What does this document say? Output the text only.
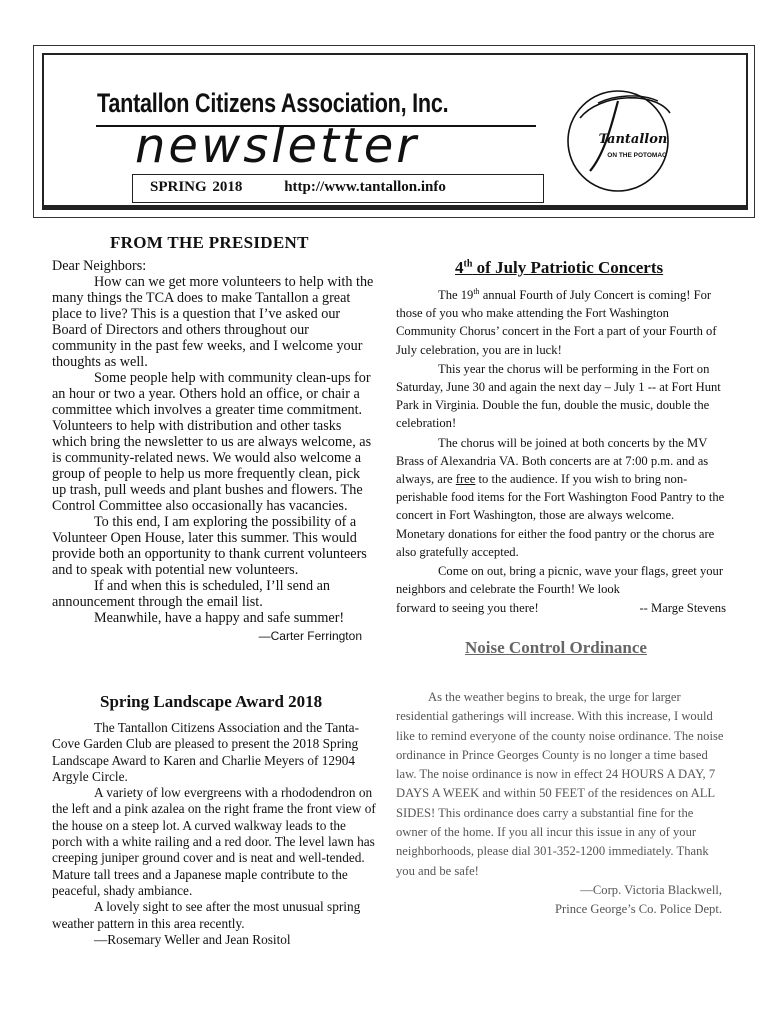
Tantallon Citizens Association, Inc.
newsletter
SPRING 2018	http://www.tantallon.info
Tantallon
ON THE POTOMAC
FROM THE PRESIDENT

Dear Neighbors:

How can we get more volunteers to help with the many things the TCA does to make Tantallon a great place to live? This is a question that I’ve asked our Board of Directors and others throughout our community in the past few weeks, and I welcome your thoughts as well.

Some people help with community clean-ups for an hour or two a year. Others hold an office, or chair a committee which involves a greater time commitment. Volunteers to help with distribution and other tasks which bring the newsletter to us are always welcome, as is community-related news. We would also welcome a group of people to help us more frequently clean, pick up trash, pull weeds and plant bushes and flowers. The Control Committee also occasionally has vacancies.

To this end, I am exploring the possibility of a Volunteer Open House, later this summer. This would provide both an opportunity to thank current volunteers and to speak with potential new volunteers.

If and when this is scheduled, I’ll send an announcement through the email list.

Meanwhile, have a happy and safe summer!

—Carter Ferrington

Spring Landscape Award 2018

The Tantallon Citizens Association and the Tanta-Cove Garden Club are pleased to present the 2018 Spring Landscape Award to Karen and Charlie Meyers of 12904 Argyle Circle.

A variety of low evergreens with a rhododendron on the left and a pink azalea on the right frame the front view of the house on a steep lot. A curved walkway leads to the porch with a white railing and a red door. The level lawn has creeping juniper ground cover and is neat and well-tended. Mature tall trees and a Japanese maple contribute to the peaceful, shady ambiance.

A lovely sight to see after the most unusual spring weather pattern in this area recently.

—Rosemary Weller and Jean Rositol

4th of July Patriotic Concerts

The 19th annual Fourth of July Concert is coming! For those of you who make attending the Fort Washington Community Chorus’ concert in the Fort a part of your Fourth of July celebration, you are in luck!

This year the chorus will be performing in the Fort on Saturday, June 30 and again the next day – July 1 -- at Fort Hunt Park in Virginia. Double the fun, double the music, double the celebration!

The chorus will be joined at both concerts by the MV Brass of Alexandria VA. Both concerts are at 7:00 p.m. and as always, are free to the audience. If you wish to bring non-perishable food items for the Fort Washington Food Pantry to the concert in Fort Washington, those are always welcome. Monetary donations for either the food pantry or the chorus are also gratefully accepted.

Come on out, bring a picnic, wave your flags, greet your neighbors and celebrate the Fourth! We look

forward to seeing you there!	-- Marge Stevens
Noise Control Ordinance

As the weather begins to break, the urge for larger residential gatherings will increase. With this increase, I would like to remind everyone of the county noise ordinance. The noise ordinance in Prince Georges County is no longer a time based law. The noise ordinance is now in effect 24 HOURS A DAY, 7 DAYS A WEEK and within 50 FEET of the residences on ALL SIDES! This ordinance does carry a substantial fine for the owner of the home. If you all incur this issue in any of your neighborhoods, please dial 301-352-1200 immediately. Thank you and be safe!

—Corp. Victoria Blackwell,

Prince George’s Co. Police Dept.
